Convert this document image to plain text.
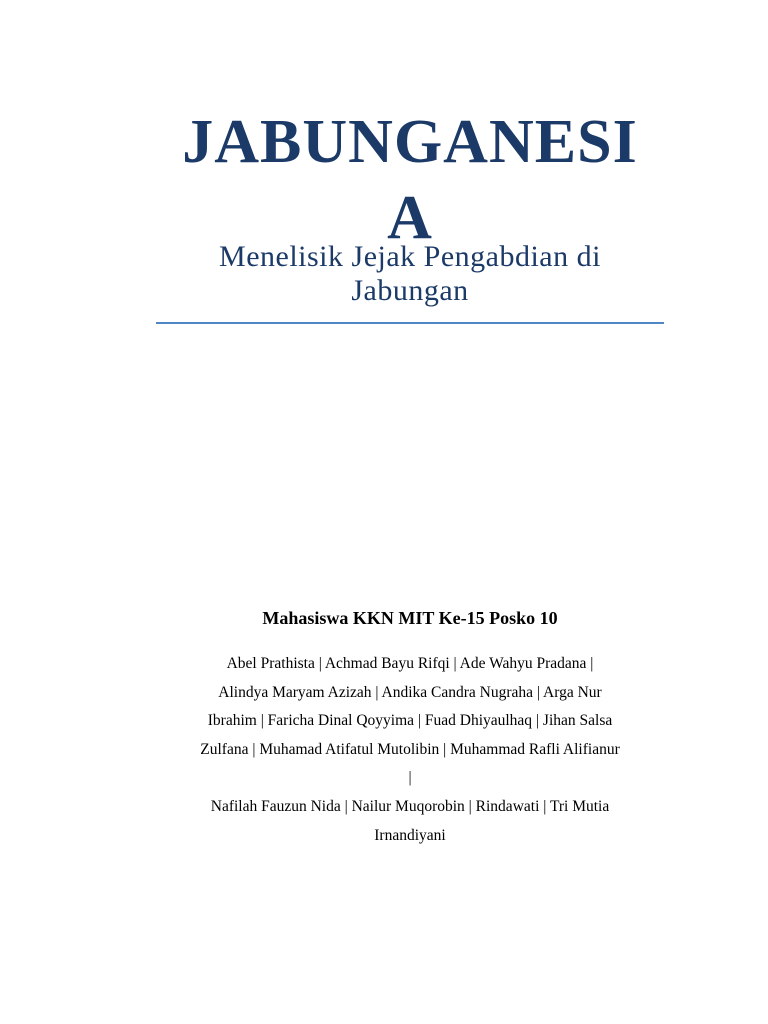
JABUNGANESI
A
Menelisik Jejak Pengabdian di
Jabungan
Mahasiswa KKN MIT Ke-15 Posko 10
Abel Prathista | Achmad Bayu Rifqi | Ade Wahyu Pradana |
Alindya Maryam Azizah | Andika Candra Nugraha | Arga Nur
Ibrahim | Faricha Dinal Qoyyima | Fuad Dhiyaulhaq | Jihan Salsa
Zulfana | Muhamad Atifatul Mutolibin | Muhammad Rafli Alifianur
|
Nafilah Fauzun Nida | Nailur Muqorobin | Rindawati | Tri Mutia
Irnandiyani
